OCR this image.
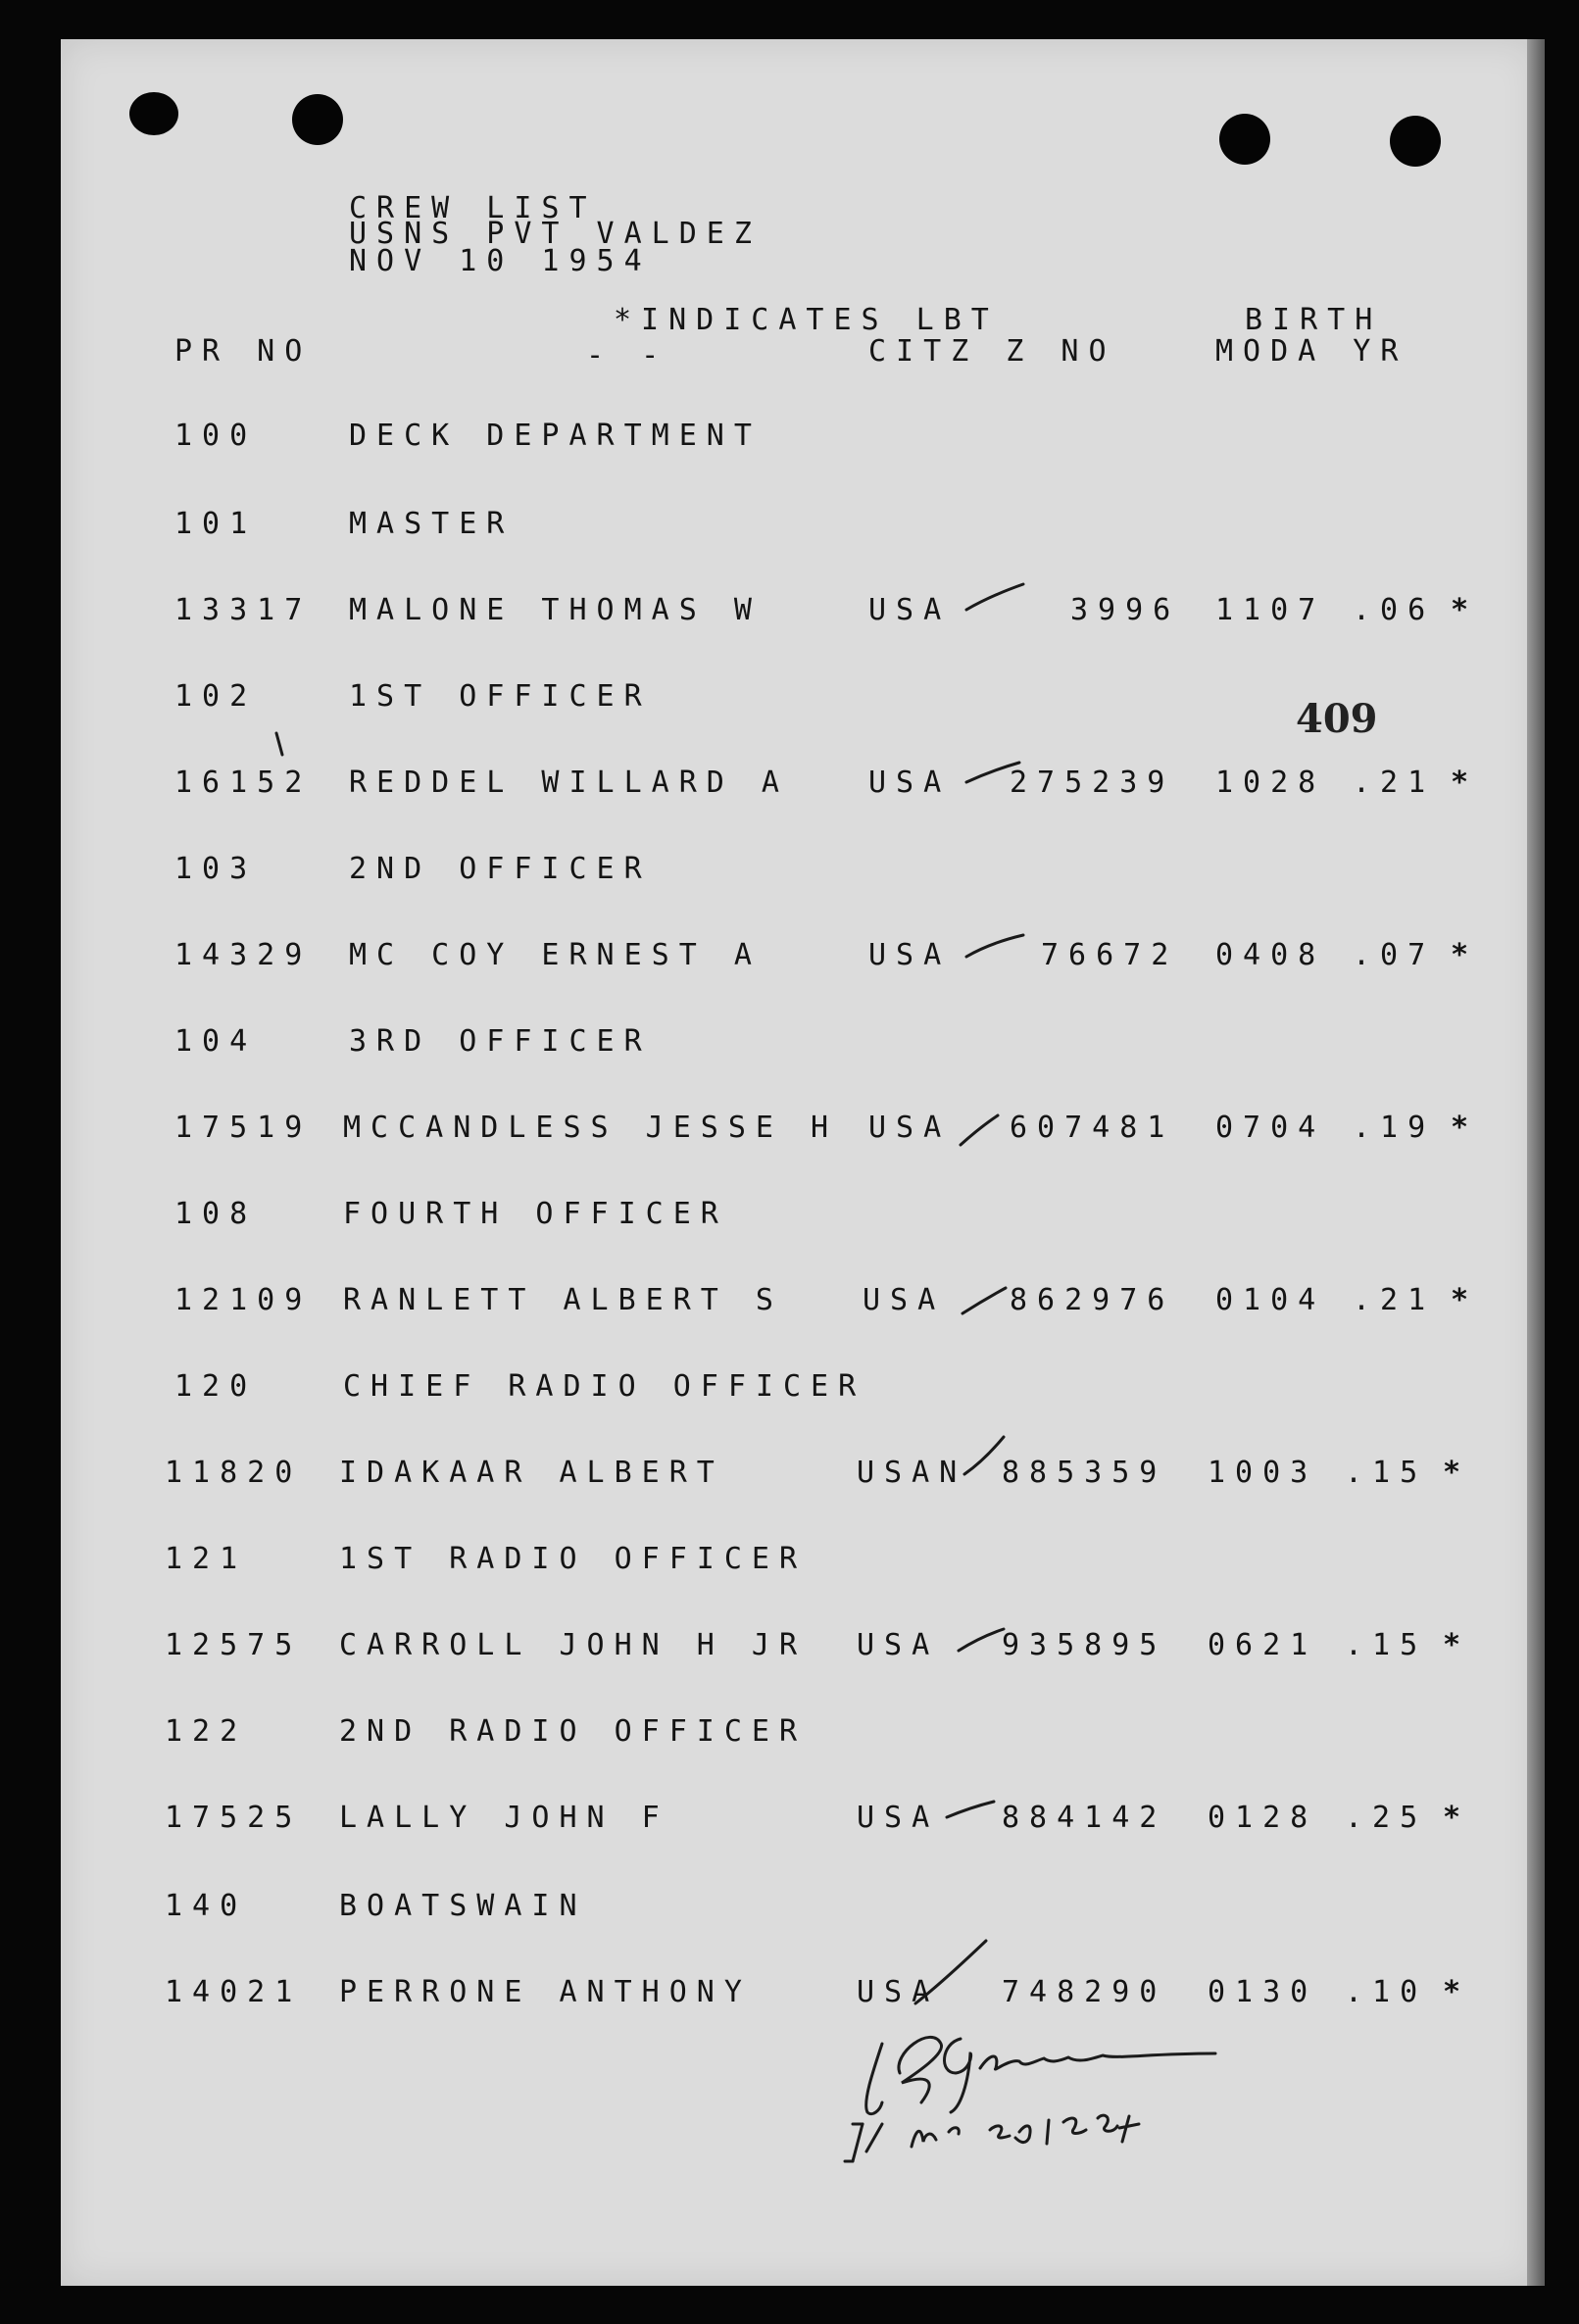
CREW LIST
USNS PVT VALDEZ
NOV 10 1954
*INDICATES LBT	BIRTH
PR NO	- -	CITZ Z NO	MODA YR
409
100	DECK DEPARTMENT
101	MASTER
13317 MALONE THOMAS W	USA	3996 1107 .06 *
102	1ST OFFICER
16152 REDDEL WILLARD A	USA 275239 1028 .21 *
103	2ND OFFICER
14329 MC COY ERNEST A	USA	76672 0408 .07 *
104	3RD OFFICER
17519 MCCANDLESS JESSE H USA 607481 0704 .19 *
108	FOURTH OFFICER
12109 RANLETT ALBERT S	USA 862976 0104 .21 *
120	CHIEF RADIO OFFICER
11820 IDAKAAR ALBERT	USAN 885359 1003 .15 *
121	1ST RADIO OFFICER
12575 CARROLL JOHN H JR USA 935895 0621 .15 *
122	2ND RADIO OFFICER
17525 LALLY JOHN F	USA 884142 0128 .25 *
140	BOATSWAIN
14021 PERRONE ANTHONY	USA 748290 0130 .10 *
